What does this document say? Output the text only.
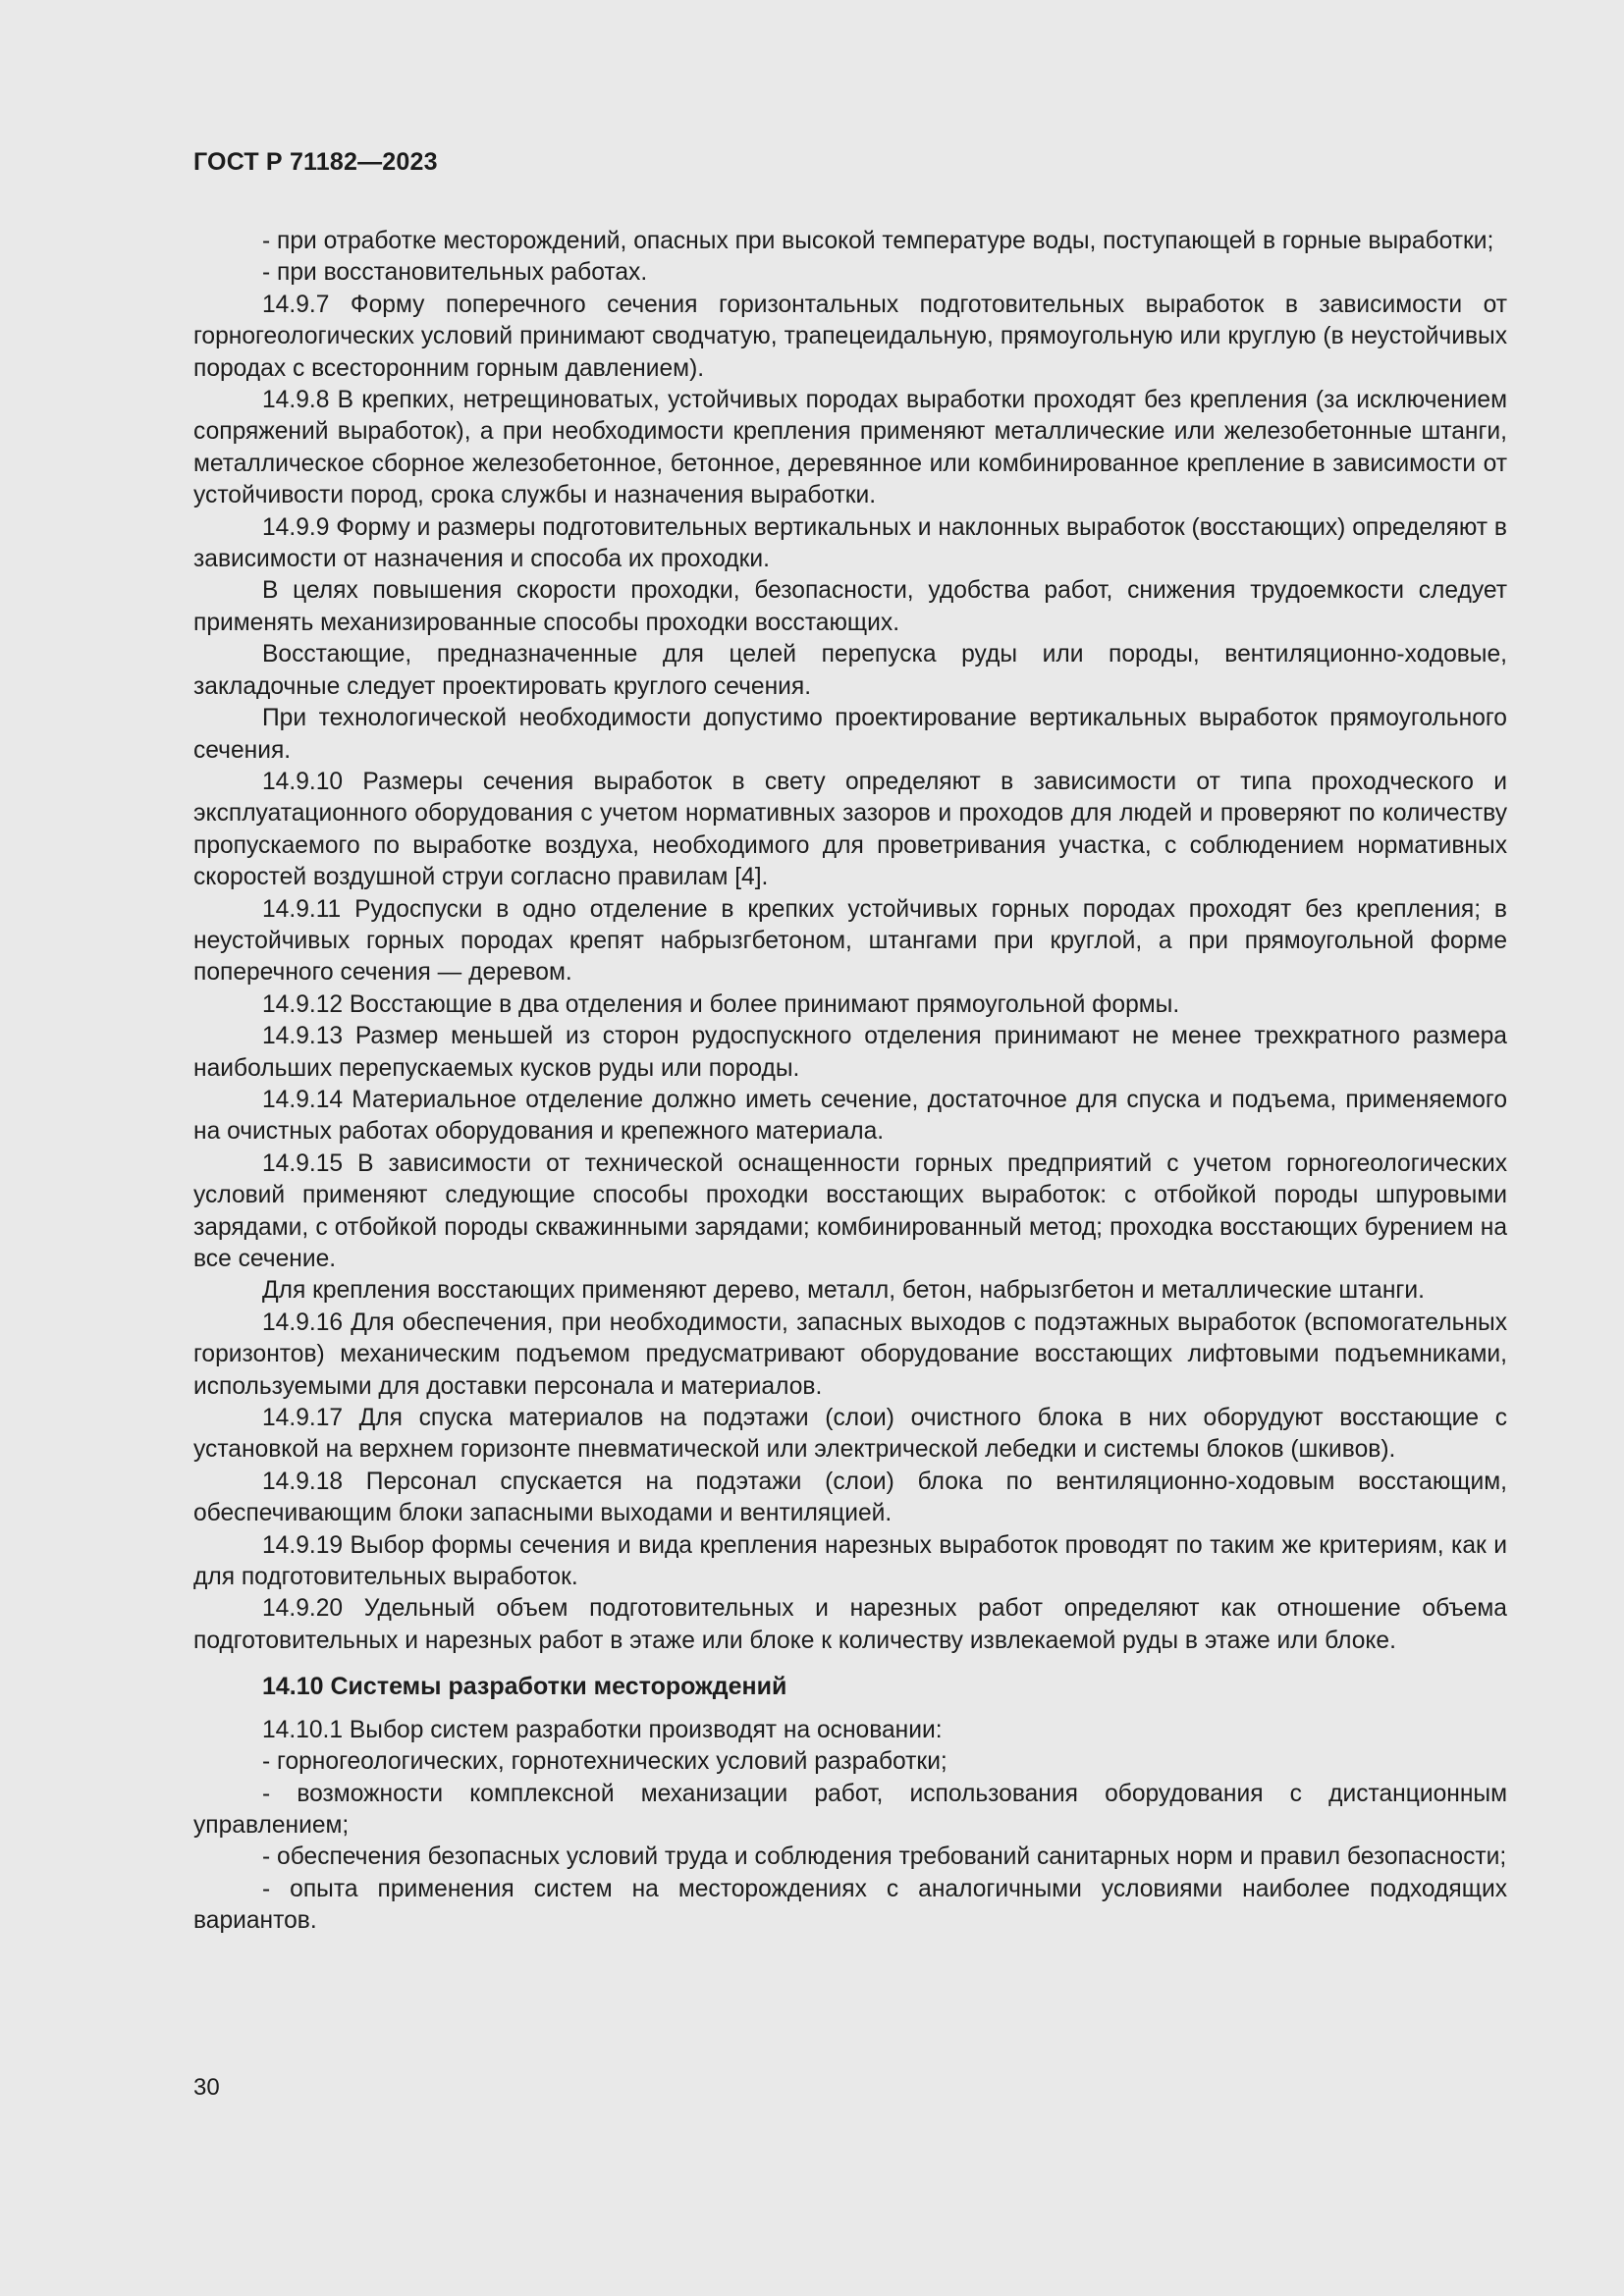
ГОСТ Р 71182—2023

- при отработке месторождений, опасных при высокой температуре воды, поступающей в горные выработки;

- при восстановительных работах.

14.9.7 Форму поперечного сечения горизонтальных подготовительных выработок в зависимости от горногеологических условий принимают сводчатую, трапецеидальную, прямоугольную или круглую (в неустойчивых породах с всесторонним горным давлением).

14.9.8 В крепких, нетрещиноватых, устойчивых породах выработки проходят без крепления (за исключением сопряжений выработок), а при необходимости крепления применяют металлические или железобетонные штанги, металлическое сборное железобетонное, бетонное, деревянное или комбинированное крепление в зависимости от устойчивости пород, срока службы и назначения выработки.

14.9.9 Форму и размеры подготовительных вертикальных и наклонных выработок (восстающих) определяют в зависимости от назначения и способа их проходки.

В целях повышения скорости проходки, безопасности, удобства работ, снижения трудоемкости следует применять механизированные способы проходки восстающих.

Восстающие, предназначенные для целей перепуска руды или породы, вентиляционно-ходовые, закладочные следует проектировать круглого сечения.

При технологической необходимости допустимо проектирование вертикальных выработок прямоугольного сечения.

14.9.10 Размеры сечения выработок в свету определяют в зависимости от типа проходческого и эксплуатационного оборудования с учетом нормативных зазоров и проходов для людей и проверяют по количеству пропускаемого по выработке воздуха, необходимого для проветривания участка, с соблюдением нормативных скоростей воздушной струи согласно правилам [4].

14.9.11 Рудоспуски в одно отделение в крепких устойчивых горных породах проходят без крепления; в неустойчивых горных породах крепят набрызгбетоном, штангами при круглой, а при прямоугольной форме поперечного сечения — деревом.

14.9.12 Восстающие в два отделения и более принимают прямоугольной формы.

14.9.13 Размер меньшей из сторон рудоспускного отделения принимают не менее трехкратного размера наибольших перепускаемых кусков руды или породы.

14.9.14 Материальное отделение должно иметь сечение, достаточное для спуска и подъема, применяемого на очистных работах оборудования и крепежного материала.

14.9.15 В зависимости от технической оснащенности горных предприятий с учетом горногеологических условий применяют следующие способы проходки восстающих выработок: с отбойкой породы шпуровыми зарядами, с отбойкой породы скважинными зарядами; комбинированный метод; проходка восстающих бурением на все сечение.

Для крепления восстающих применяют дерево, металл, бетон, набрызгбетон и металлические штанги.

14.9.16 Для обеспечения, при необходимости, запасных выходов с подэтажных выработок (вспомогательных горизонтов) механическим подъемом предусматривают оборудование восстающих лифтовыми подъемниками, используемыми для доставки персонала и материалов.

14.9.17 Для спуска материалов на подэтажи (слои) очистного блока в них оборудуют восстающие с установкой на верхнем горизонте пневматической или электрической лебедки и системы блоков (шкивов).

14.9.18 Персонал спускается на подэтажи (слои) блока по вентиляционно-ходовым восстающим, обеспечивающим блоки запасными выходами и вентиляцией.

14.9.19 Выбор формы сечения и вида крепления нарезных выработок проводят по таким же критериям, как и для подготовительных выработок.

14.9.20 Удельный объем подготовительных и нарезных работ определяют как отношение объема подготовительных и нарезных работ в этаже или блоке к количеству извлекаемой руды в этаже или блоке.

14.10 Системы разработки месторождений

14.10.1 Выбор систем разработки производят на основании:

- горногеологических, горнотехнических условий разработки;

- возможности комплексной механизации работ, использования оборудования с дистанционным управлением;

- обеспечения безопасных условий труда и соблюдения требований санитарных норм и правил безопасности;

- опыта применения систем на месторождениях с аналогичными условиями наиболее подходящих вариантов.

30
